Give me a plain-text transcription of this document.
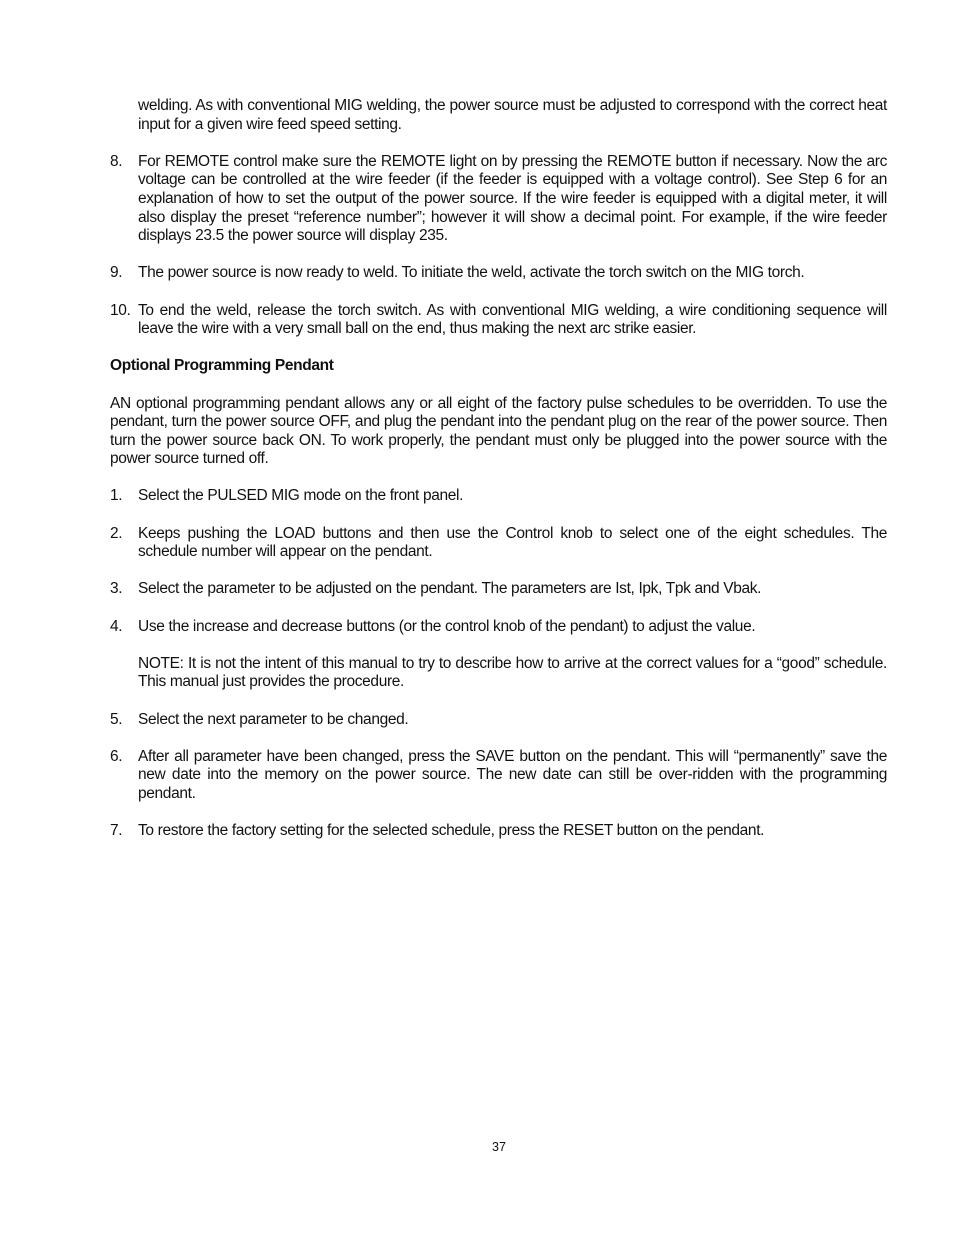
welding. As with conventional MIG welding, the power source must be adjusted to correspond with the correct heat input for a given wire feed speed setting.
8.	For REMOTE control make sure the REMOTE light on by pressing the REMOTE button if necessary. Now the arc voltage can be controlled at the wire feeder (if the feeder is equipped with a voltage control). See Step 6 for an explanation of how to set the output of the power source. If the wire feeder is equipped with a digital meter, it will also display the preset “reference number”; however it will show a decimal point. For example, if the wire feeder displays 23.5 the power source will display 235.
9.	The power source is now ready to weld. To initiate the weld, activate the torch switch on the MIG torch.
10. To end the weld, release the torch switch. As with conventional MIG welding, a wire conditioning sequence will leave the wire with a very small ball on the end, thus making the next arc strike easier.
Optional Programming Pendant
AN optional programming pendant allows any or all eight of the factory pulse schedules to be overridden. To use the pendant, turn the power source OFF, and plug the pendant into the pendant plug on the rear of the power source. Then turn the power source back ON. To work properly, the pendant must only be plugged into the power source with the power source turned off.
1.	Select the PULSED MIG mode on the front panel.
2.	Keeps pushing the LOAD buttons and then use the Control knob to select one of the eight schedules. The schedule number will appear on the pendant.
3.	Select the parameter to be adjusted on the pendant. The parameters are Ist, Ipk, Tpk and Vbak.
4.	Use the increase and decrease buttons (or the control knob of the pendant) to adjust the value.
NOTE: It is not the intent of this manual to try to describe how to arrive at the correct values for a “good” schedule. This manual just provides the procedure.
5.	Select the next parameter to be changed.
6.	After all parameter have been changed, press the SAVE button on the pendant. This will “permanently” save the new date into the memory on the power source. The new date can still be over-ridden with the programming pendant.
7.	To restore the factory setting for the selected schedule, press the RESET button on the pendant.
37
